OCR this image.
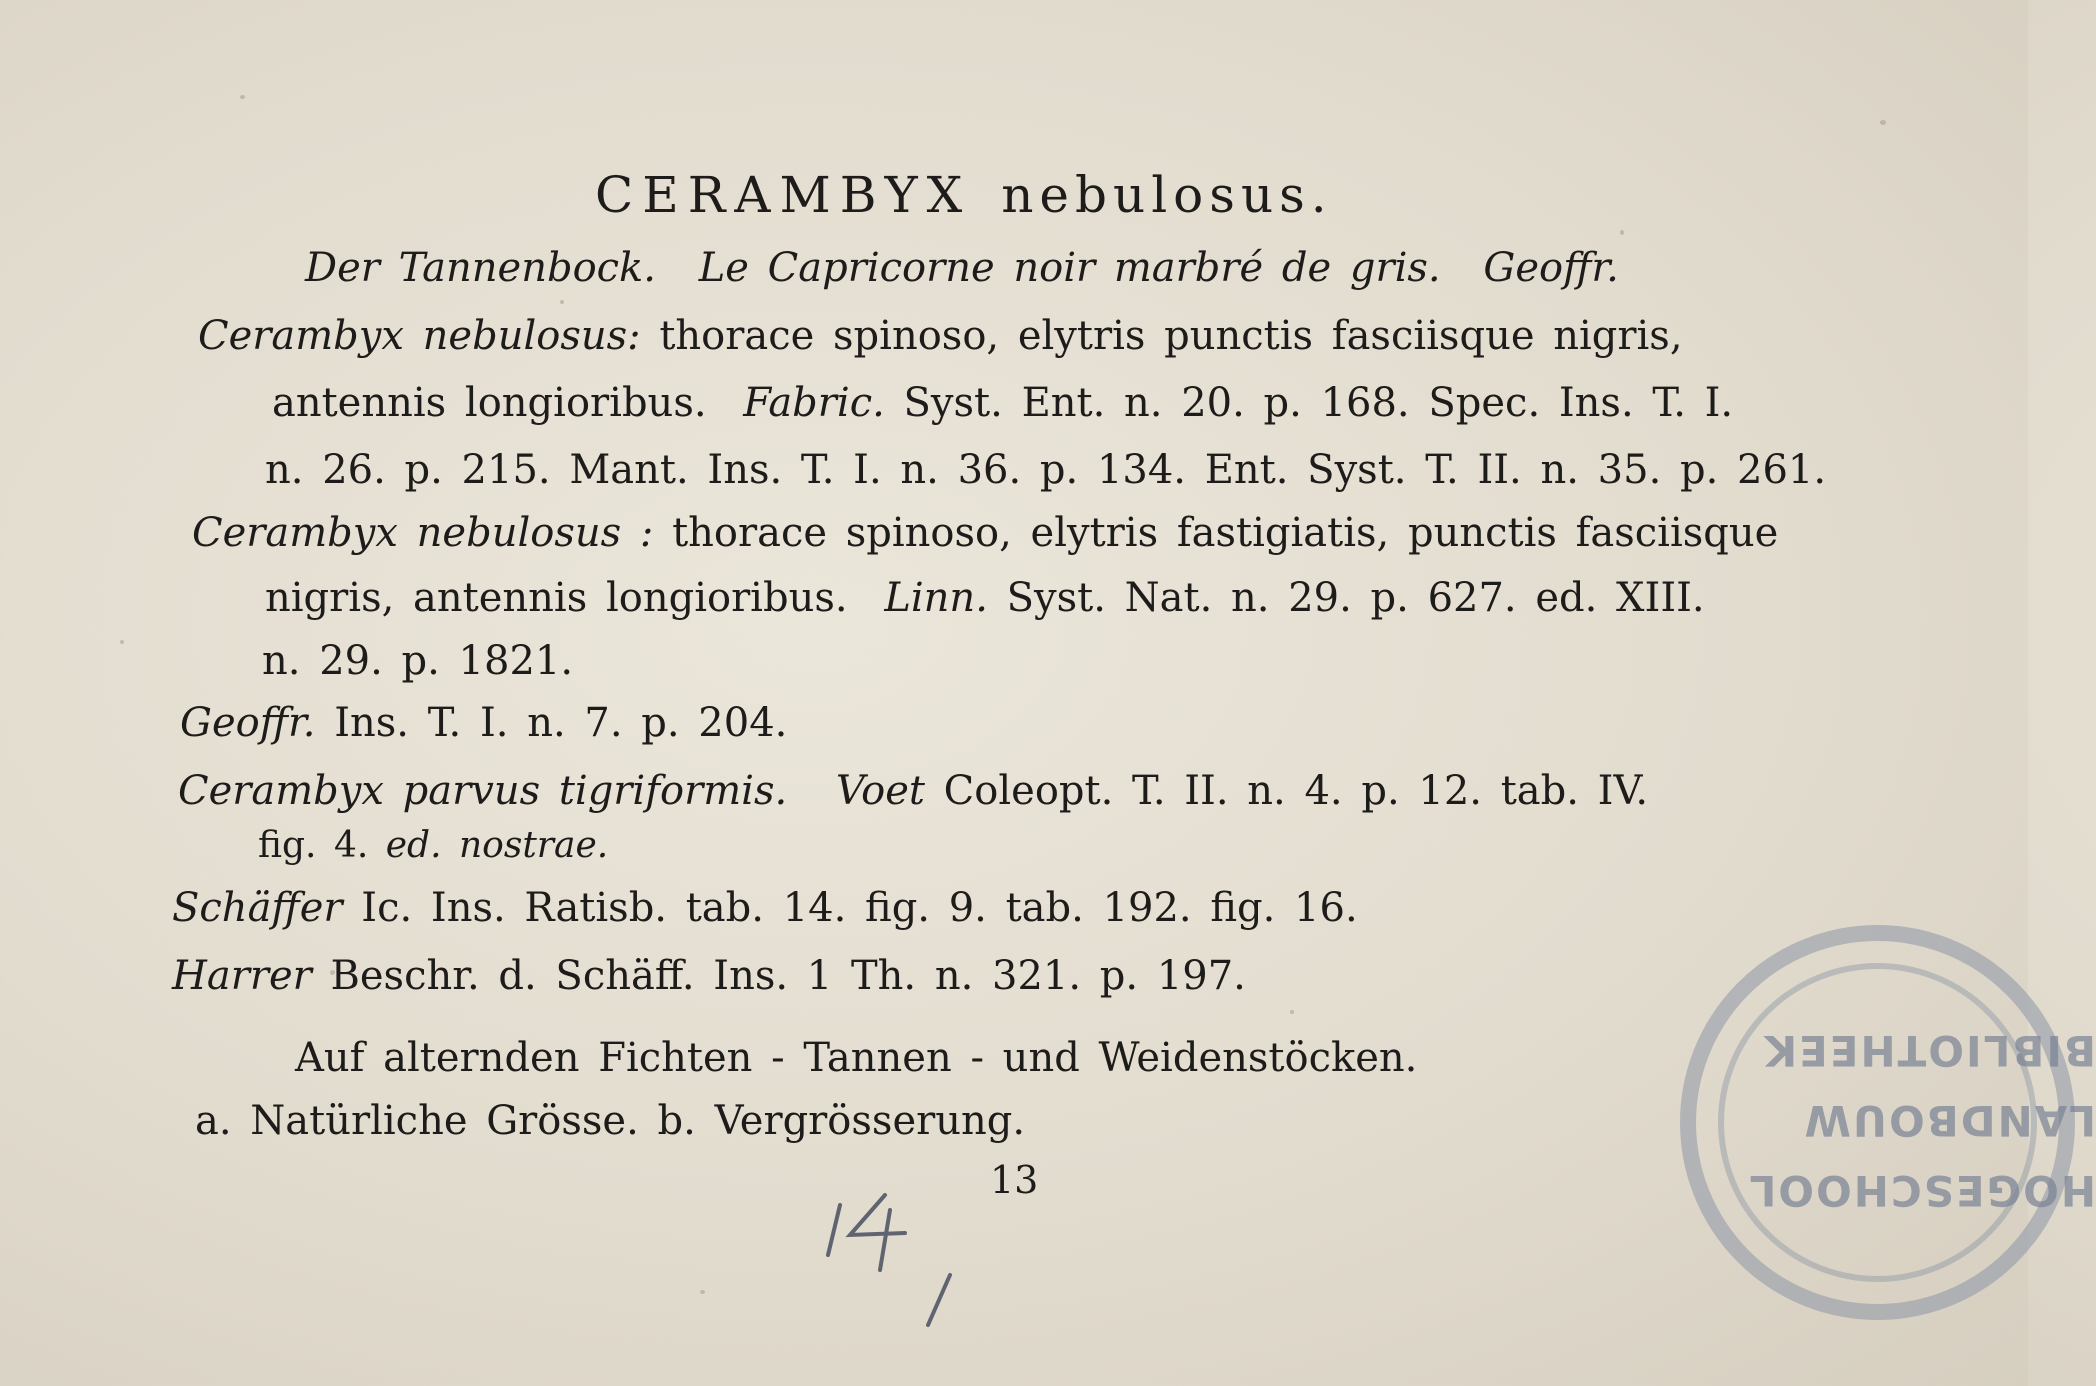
CERAMBYX nebulosus.
Der Tannenbock. Le Capricorne noir marbré de gris. Geoffr.
Cerambyx nebulosus: thorace spinoso, elytris punctis fasciisque nigris,
antennis longioribus. Fabric. Syst. Ent. n. 20. p. 168. Spec. Ins. T. I.
n. 26. p. 215. Mant. Ins. T. I. n. 36. p. 134. Ent. Syst. T. II. n. 35. p. 261.
Cerambyx nebulosus : thorace spinoso, elytris fastigiatis, punctis fasciisque
nigris, antennis longioribus. Linn. Syst. Nat. n. 29. p. 627. ed. XIII.
n. 29. p. 1821.
Geoffr. Ins. T. I. n. 7. p. 204.
Cerambyx parvus tigriformis. Voet Coleopt. T. II. n. 4. p. 12. tab. IV.
fig. 4. ed. nostrae.
Schäffer Ic. Ins. Ratisb. tab. 14. fig. 9. tab. 192. fig. 16.
Harrer Beschr. d. Schäff. Ins. 1 Th. n. 321. p. 197.
Auf alternden Fichten - Tannen - und Weidenstöcken.
a. Natürliche Grösse. b. Vergrösserung.
13
BIBLIOTHEEK
LANDBOUW
HOGESCHOOL
